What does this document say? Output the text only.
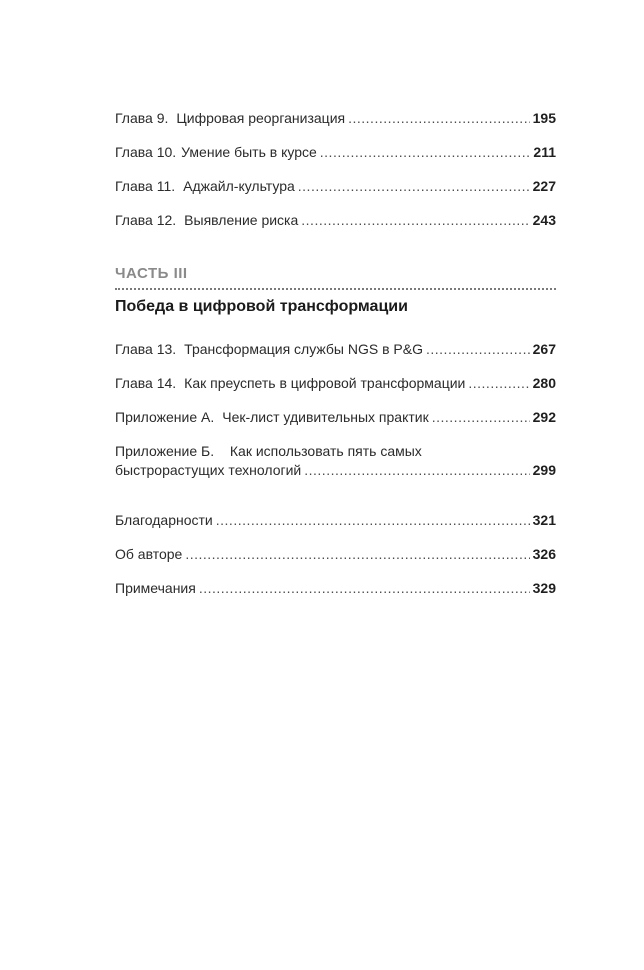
Глава 9. Цифровая реорганизация .....	195
Глава 10. Умение быть в курсе .....	211
Глава 11. Аджайл-культура .....	227
Глава 12. Выявление риска .....	243
ЧАСТЬ III
Победа в цифровой трансформации
Глава 13. Трансформация службы NGS в P&G .....	267
Глава 14. Как преуспеть в цифровой трансформации .....	280
Приложение А. Чек-лист удивительных практик .....	292
Приложение Б. Как использовать пять самых
быстрорастущих технологий .....	299
Благодарности .....	321
Об авторе .....	326
Примечания .....	329
